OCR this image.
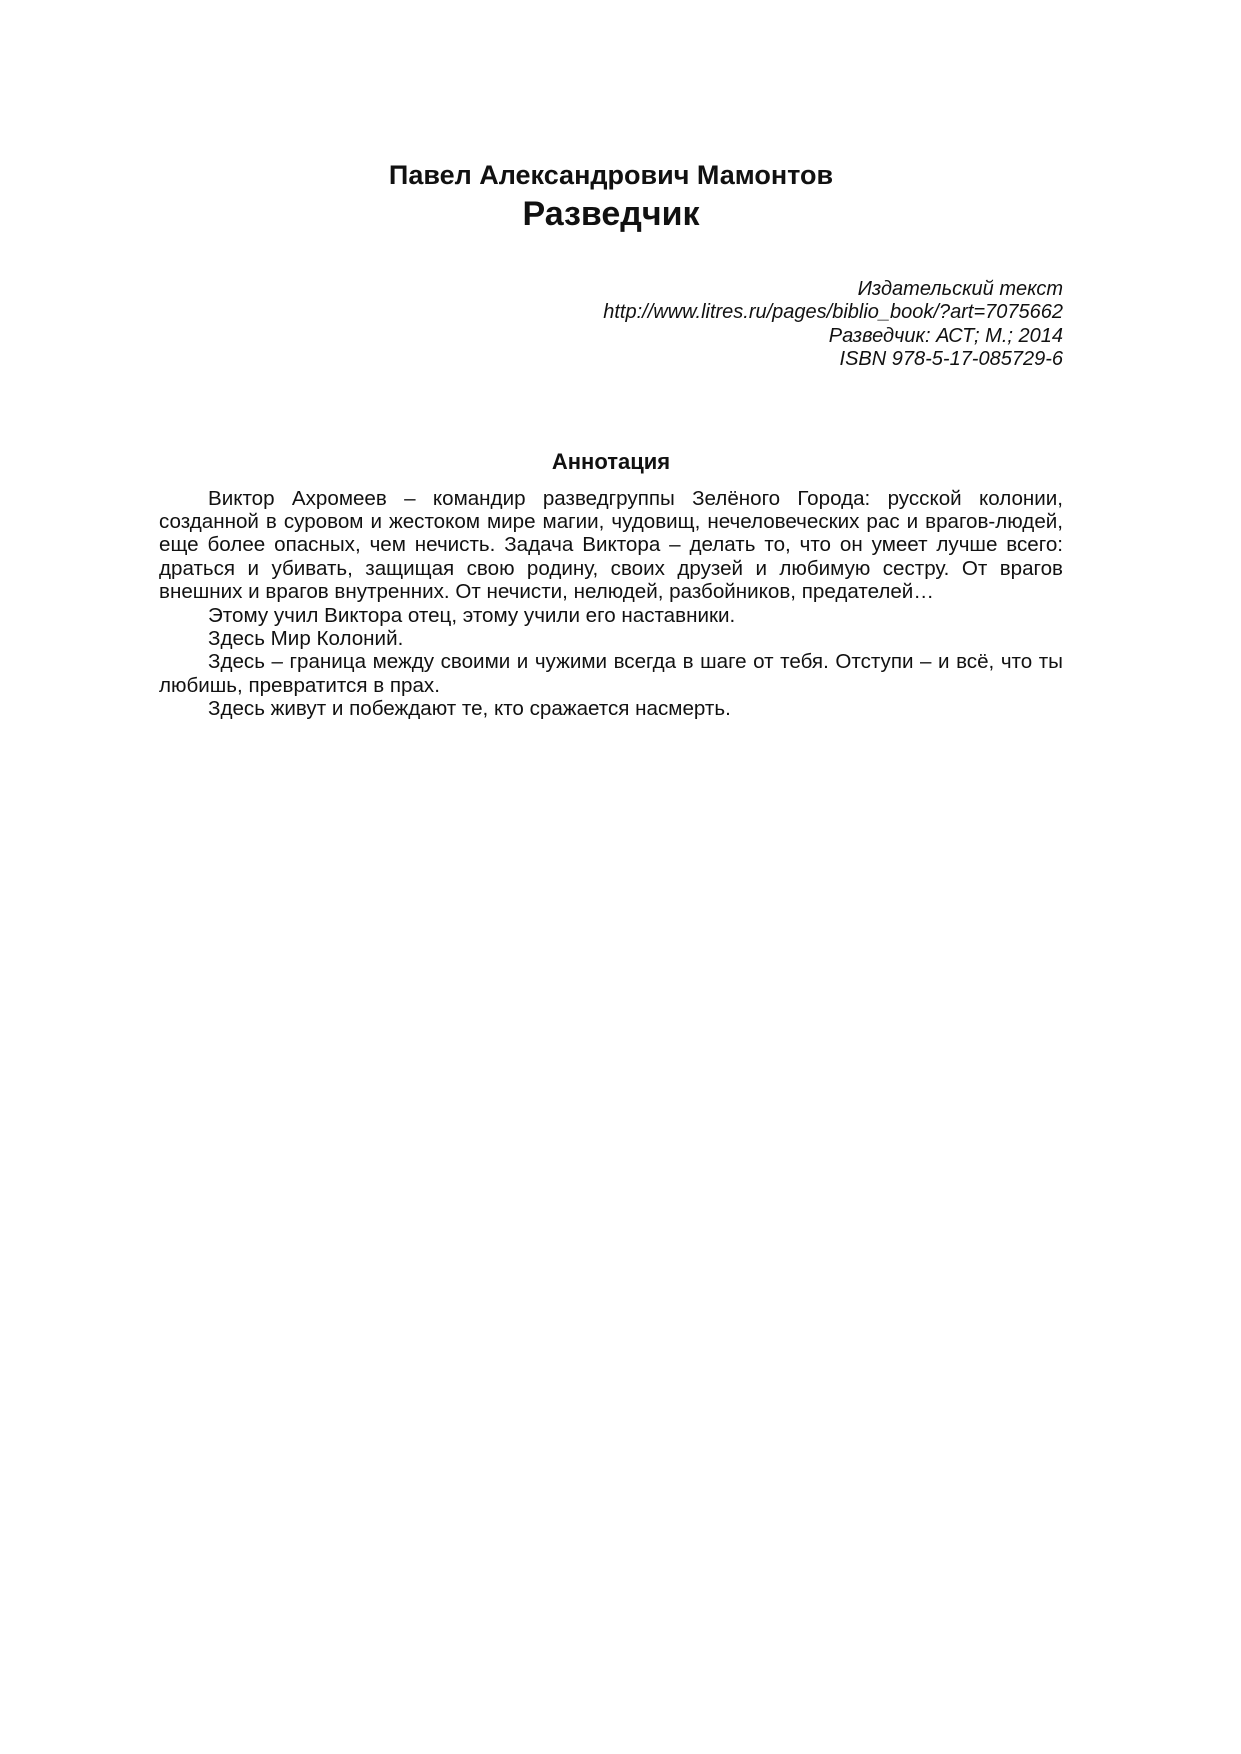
Павел Александрович Мамонтов
Разведчик
Издательский текст
http://www.litres.ru/pages/biblio_book/?art=7075662
Разведчик: АСТ; М.; 2014
ISBN 978-5-17-085729-6
Аннотация

Виктор Ахромеев – командир разведгруппы Зелёного Города: русской колонии, созданной в суровом и жестоком мире магии, чудовищ, нечеловеческих рас и врагов-людей, еще более опасных, чем нечисть. Задача Виктора – делать то, что он умеет лучше всего: драться и убивать, защищая свою родину, своих друзей и любимую сестру. От врагов внешних и врагов внутренних. От нечисти, нелюдей, разбойников, предателей…

Этому учил Виктора отец, этому учили его наставники.

Здесь Мир Колоний.

Здесь – граница между своими и чужими всегда в шаге от тебя. Отступи – и всё, что ты любишь, превратится в прах.

Здесь живут и побеждают те, кто сражается насмерть.
